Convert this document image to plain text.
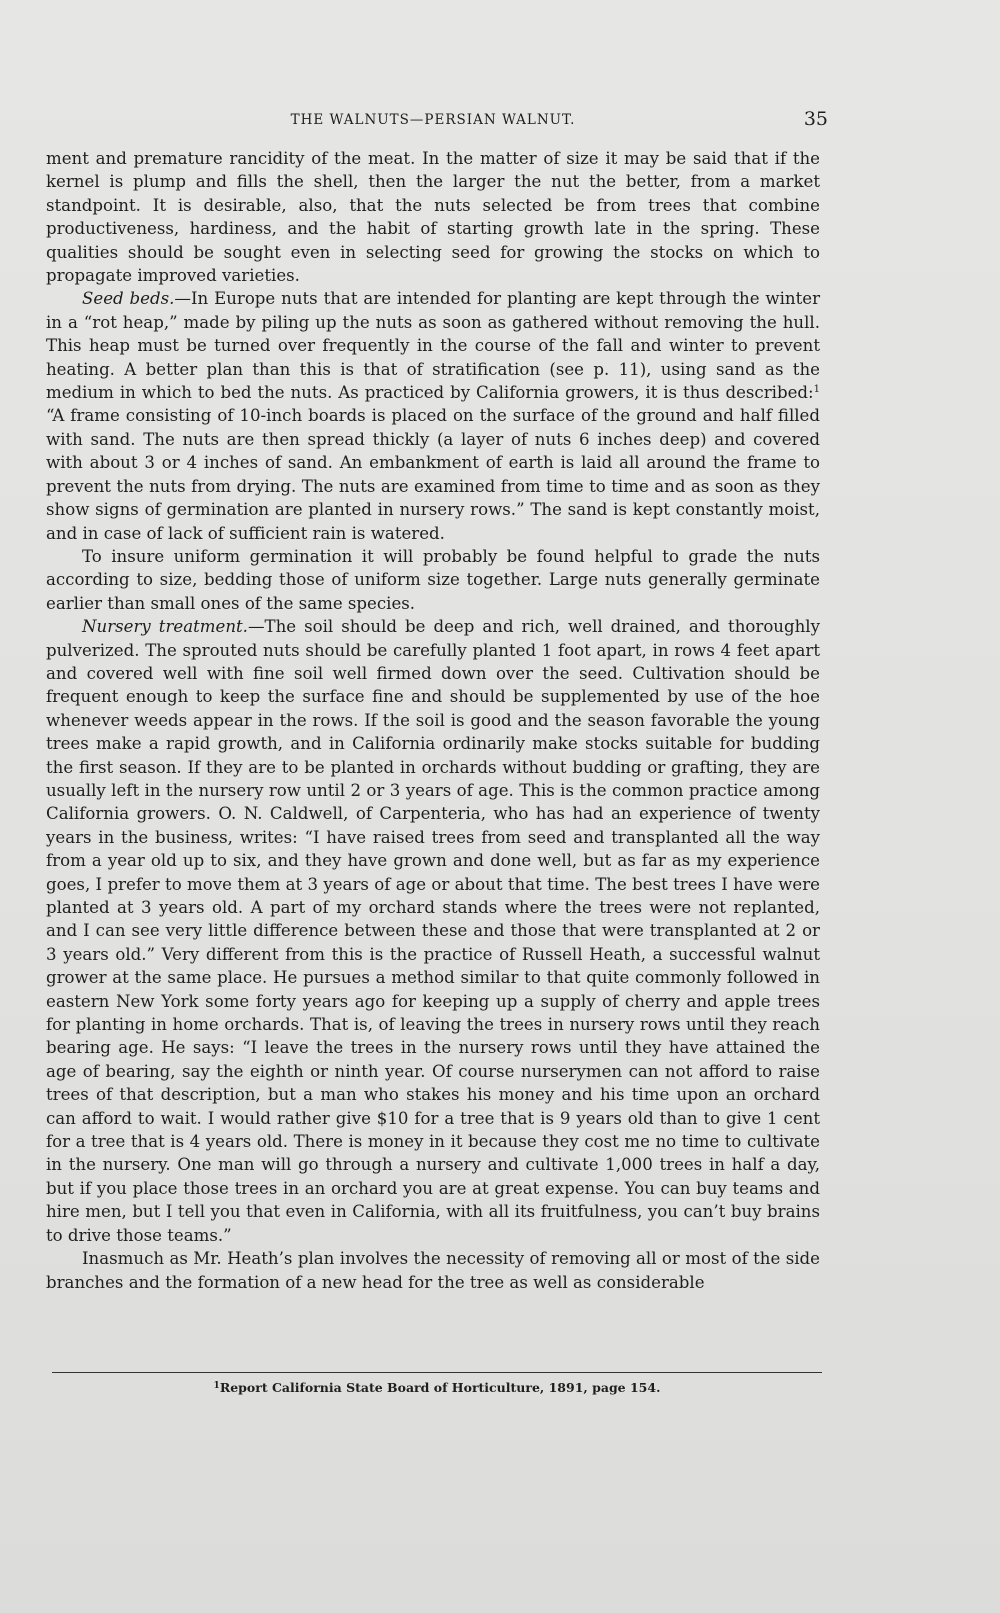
THE WALNUTS—PERSIAN WALNUT.	35

ment and premature rancidity of the meat. In the matter of size it may be said that if the kernel is plump and fills the shell, then the larger the nut the better, from a market standpoint. It is desirable, also, that the nuts selected be from trees that combine productiveness, hardiness, and the habit of starting growth late in the spring. These qualities should be sought even in selecting seed for growing the stocks on which to propagate improved varieties.

Seed beds.—In Europe nuts that are intended for planting are kept through the winter in a “rot heap,” made by piling up the nuts as soon as gathered without removing the hull. This heap must be turned over frequently in the course of the fall and winter to prevent heating. A better plan than this is that of stratification (see p. 11), using sand as the medium in which to bed the nuts. As practiced by California growers, it is thus described:$^1$ “A frame consisting of 10-inch boards is placed on the surface of the ground and half filled with sand. The nuts are then spread thickly (a layer of nuts 6 inches deep) and covered with about 3 or 4 inches of sand. An embankment of earth is laid all around the frame to prevent the nuts from drying. The nuts are examined from time to time and as soon as they show signs of germination are planted in nursery rows.” The sand is kept constantly moist, and in case of lack of sufficient rain is watered.

To insure uniform germination it will probably be found helpful to grade the nuts according to size, bedding those of uniform size together. Large nuts generally germinate earlier than small ones of the same species.

Nursery treatment.—The soil should be deep and rich, well drained, and thoroughly pulverized. The sprouted nuts should be carefully planted 1 foot apart, in rows 4 feet apart and covered well with fine soil well firmed down over the seed. Cultivation should be frequent enough to keep the surface fine and should be supplemented by use of the hoe whenever weeds appear in the rows. If the soil is good and the season favorable the young trees make a rapid growth, and in California ordinarily make stocks suitable for budding the first season. If they are to be planted in orchards without budding or grafting, they are usually left in the nursery row until 2 or 3 years of age. This is the common practice among California growers. O. N. Caldwell, of Carpenteria, who has had an experience of twenty years in the business, writes: “I have raised trees from seed and transplanted all the way from a year old up to six, and they have grown and done well, but as far as my experience goes, I prefer to move them at 3 years of age or about that time. The best trees I have were planted at 3 years old. A part of my orchard stands where the trees were not replanted, and I can see very little difference between these and those that were transplanted at 2 or 3 years old.” Very different from this is the practice of Russell Heath, a successful walnut grower at the same place. He pursues a method similar to that quite commonly followed in eastern New York some forty years ago for keeping up a supply of cherry and apple trees for planting in home orchards. That is, of leaving the trees in nursery rows until they reach bearing age. He says: “I leave the trees in the nursery rows until they have attained the age of bearing, say the eighth or ninth year. Of course nurserymen can not afford to raise trees of that description, but a man who stakes his money and his time upon an orchard can afford to wait. I would rather give $10 for a tree that is 9 years old than to give 1 cent for a tree that is 4 years old. There is money in it because they cost me no time to cultivate in the nursery. One man will go through a nursery and cultivate 1,000 trees in half a day, but if you place those trees in an orchard you are at great expense. You can buy teams and hire men, but I tell you that even in California, with all its fruitfulness, you can’t buy brains to drive those teams.”

Inasmuch as Mr. Heath’s plan involves the necessity of removing all or most of the side branches and the formation of a new head for the tree as well as considerable

$^1$Report California State Board of Horticulture, 1891, page 154.
